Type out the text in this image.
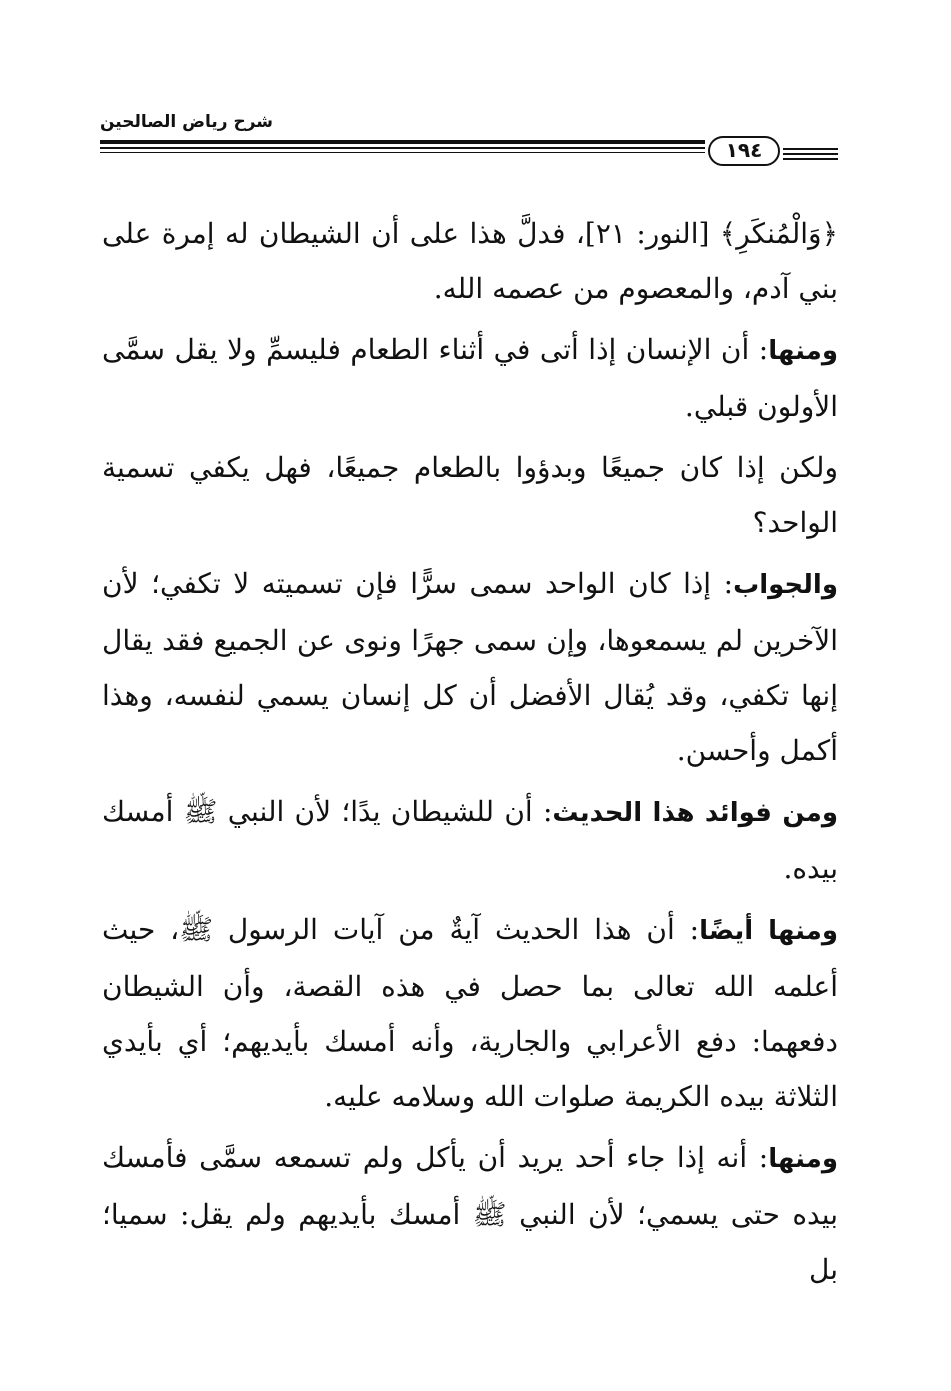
شرح رياض الصالحين
١٩٤

﴿وَالْمُنكَرِ﴾ [النور: ٢١]، فدلَّ هذا على أن الشيطان له إمرة على بني آدم، والمعصوم من عصمه الله.

ومنها: أن الإنسان إذا أتى في أثناء الطعام فليسمِّ ولا يقل سمَّى الأولون قبلي.

ولكن إذا كان جميعًا وبدؤوا بالطعام جميعًا، فهل يكفي تسمية الواحد؟

والجواب: إذا كان الواحد سمى سرًّا فإن تسميته لا تكفي؛ لأن الآخرين لم يسمعوها، وإن سمى جهرًا ونوى عن الجميع فقد يقال إنها تكفي، وقد يُقال الأفضل أن كل إنسان يسمي لنفسه، وهذا أكمل وأحسن.

ومن فوائد هذا الحديث: أن للشيطان يدًا؛ لأن النبي ﷺ أمسك بيده.

ومنها أيضًا: أن هذا الحديث آيةٌ من آيات الرسول ﷺ، حيث أعلمه الله تعالى بما حصل في هذه القصة، وأن الشيطان دفعهما: دفع الأعرابي والجارية، وأنه أمسك بأيديهم؛ أي بأيدي الثلاثة بيده الكريمة صلوات الله وسلامه عليه.

ومنها: أنه إذا جاء أحد يريد أن يأكل ولم تسمعه سمَّى فأمسك بيده حتى يسمي؛ لأن النبي ﷺ أمسك بأيديهم ولم يقل: سميا؛ بل
